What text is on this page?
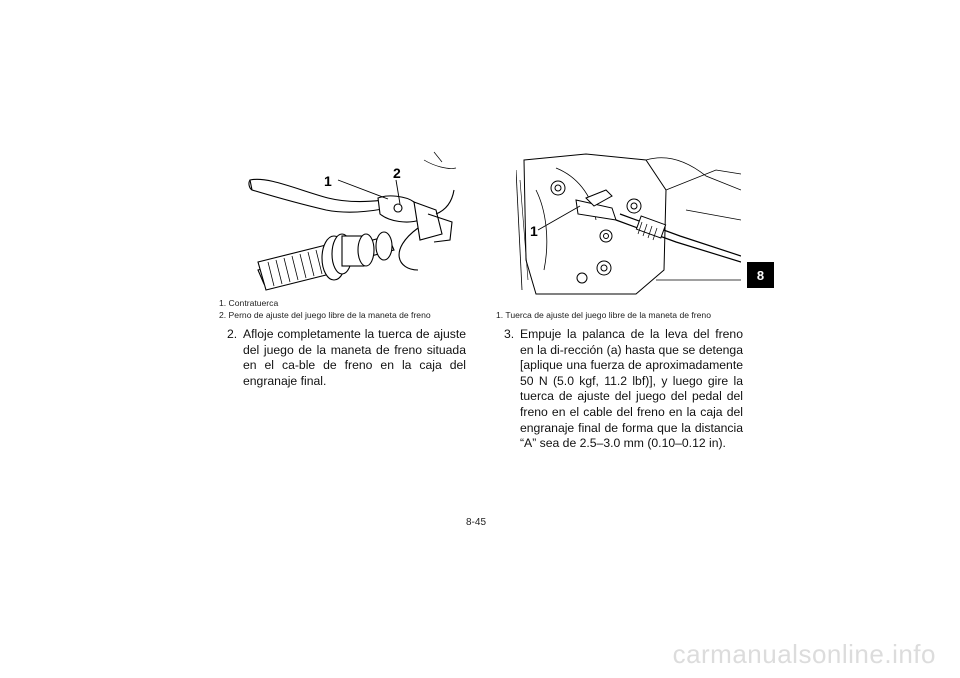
1	2
1
1. Contratuerca
2. Perno de ajuste del juego libre de la maneta de freno	1. Tuerca de ajuste del juego libre de la maneta de freno
2. Afloje completamente la tuerca de ajuste del juego de la maneta de freno situada en el ca-ble de freno en la caja del engranaje final.
3. Empuje la palanca de la leva del freno en la di-rección (a) hasta que se detenga [aplique una fuerza de aproximadamente 50 N (5.0 kgf, 11.2 lbf)], y luego gire la tuerca de ajuste del juego del pedal del freno en el cable del freno en la caja del engranaje final de forma que la distancia “A” sea de 2.5–3.0 mm (0.10–0.12 in).
8
8-45
carmanualsonline.info
